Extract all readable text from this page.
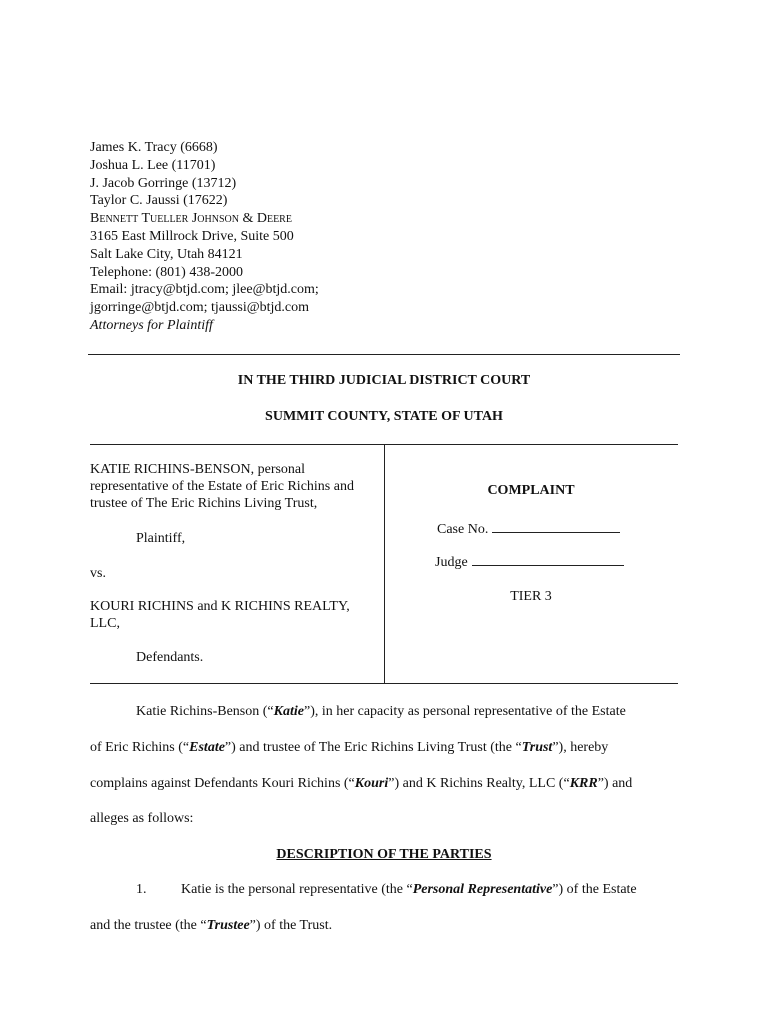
James K. Tracy (6668)
Joshua L. Lee (11701)
J. Jacob Gorringe (13712)
Taylor C. Jaussi (17622)
Bennett Tueller Johnson & Deere
3165 East Millrock Drive, Suite 500
Salt Lake City, Utah 84121
Telephone: (801) 438-2000
Email: jtracy@btjd.com; jlee@btjd.com;
jgorringe@btjd.com; tjaussi@btjd.com
Attorneys for Plaintiff
IN THE THIRD JUDICIAL DISTRICT COURT
SUMMIT COUNTY, STATE OF UTAH
KATIE RICHINS-BENSON, personal
representative of the Estate of Eric Richins and
trustee of The Eric Richins Living Trust,
Plaintiff,
vs.
KOURI RICHINS and K RICHINS REALTY,
LLC,
Defendants.
COMPLAINT
Case No.
Judge
TIER 3
Katie Richins-Benson (“Katie”), in her capacity as personal representative of the Estate
of Eric Richins (“Estate”) and trustee of The Eric Richins Living Trust (the “Trust”), hereby
complains against Defendants Kouri Richins (“Kouri”) and K Richins Realty, LLC (“KRR”) and
alleges as follows:
DESCRIPTION OF THE PARTIES
1. Katie is the personal representative (the “Personal Representative”) of the Estate
and the trustee (the “Trustee”) of the Trust.
